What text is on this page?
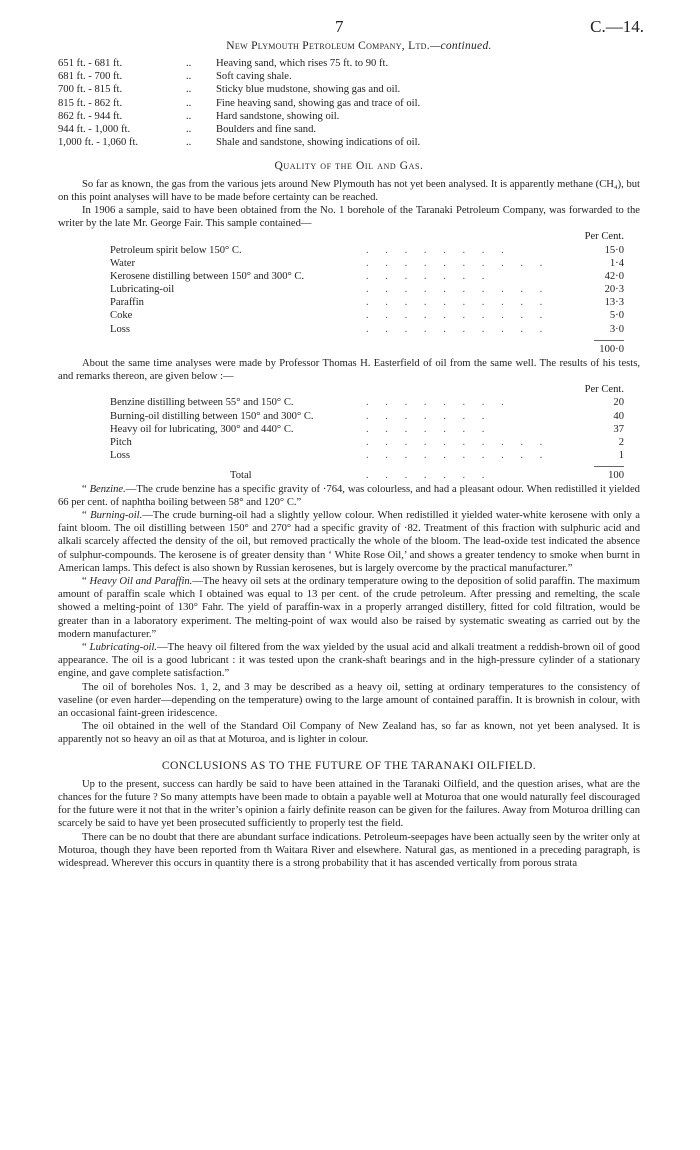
7	C.—14.
New Plymouth Petroleum Company, Ltd.—continued.
651 ft. - 681 ft.	..	Heaving sand, which rises 75 ft. to 90 ft.
681 ft. - 700 ft.	..	Soft caving shale.
700 ft. - 815 ft.	..	Sticky blue mudstone, showing gas and oil.
815 ft. - 862 ft.	..	Fine heaving sand, showing gas and trace of oil.
862 ft. - 944 ft.	..	Hard sandstone, showing oil.
944 ft. - 1,000 ft.	..	Boulders and fine sand.
1,000 ft. - 1,060 ft.	..	Shale and sandstone, showing indications of oil.
Quality of the Oil and Gas.

So far as known, the gas from the various jets around New Plymouth has not yet been analysed. It is apparently methane (CH₄), but on this point analyses will have to be made before certainty can be reached.

In 1906 a sample, said to have been obtained from the No. 1 borehole of the Taranaki Petroleum Company, was forwarded to the writer by the late Mr. George Fair. This sample contained—

Per Cent.
Petroleum spirit below 150° C.	. . . . . . . .	15·0
Water	. . . . . . . . . .	1·4
Kerosene distilling between 150° and 300° C.	. . . . . . .	42·0
Lubricating-oil	. . . . . . . . . .	20·3
Paraffin	. . . . . . . . . .	13·3
Coke	. . . . . . . . . .	5·0
Loss	. . . . . . . . . .	3·0
100·0

About the same time analyses were made by Professor Thomas H. Easterfield of oil from the same well. The results of his tests, and remarks thereon, are given below :—

Per Cent.
Benzine distilling between 55° and 150° C.	. . . . . . . .	20
Burning-oil distilling between 150° and 300° C.	. . . . . . .	40
Heavy oil for lubricating, 300° and 440° C.	. . . . . . .	37
Pitch	. . . . . . . . . .	2
Loss	. . . . . . . . . .	1
Total	. . . . . . .	100

“ Benzine.—The crude benzine has a specific gravity of ·764, was colourless, and had a pleasant odour. When redistilled it yielded 66 per cent. of naphtha boiling between 58° and 120° C.”

“ Burning-oil.—The crude burning-oil had a slightly yellow colour. When redistilled it yielded water-white kerosene with only a faint bloom. The oil distilling between 150° and 270° had a specific gravity of ·82. Treatment of this fraction with sulphuric acid and alkali scarcely affected the density of the oil, but removed practically the whole of the bloom. The lead-oxide test indicated the absence of sulphur-compounds. The kerosene is of greater density than ‘ White Rose Oil,’ and shows a greater tendency to smoke when burnt in American lamps. This defect is also shown by Russian kerosenes, but is largely overcome by the practical manufacturer.”

“ Heavy Oil and Paraffin.—The heavy oil sets at the ordinary temperature owing to the deposition of solid paraffin. The maximum amount of paraffin scale which I obtained was equal to 13 per cent. of the crude petroleum. After pressing and remelting, the scale showed a melting-point of 130° Fahr. The yield of paraffin-wax in a properly arranged distillery, fitted for cold filtration, would be greater than in a laboratory experiment. The melting-point of wax would also be raised by systematic sweating as carried out by the modern manufacturer.”

“ Lubricating-oil.—The heavy oil filtered from the wax yielded by the usual acid and alkali treatment a reddish-brown oil of good appearance. The oil is a good lubricant : it was tested upon the crank-shaft bearings and in the high-pressure cylinder of a stationary engine, and gave complete satisfaction.”

The oil of boreholes Nos. 1, 2, and 3 may be described as a heavy oil, setting at ordinary temperatures to the consistency of vaseline (or even harder—depending on the temperature) owing to the large amount of contained paraffin. It is brownish in colour, with an occasional faint-green iridescence.

The oil obtained in the well of the Standard Oil Company of New Zealand has, so far as known, not yet been analysed. It is apparently not so heavy an oil as that at Moturoa, and is lighter in colour.

CONCLUSIONS AS TO THE FUTURE OF THE TARANAKI OILFIELD.

Up to the present, success can hardly be said to have been attained in the Taranaki Oilfield, and the question arises, what are the chances for the future ? So many attempts have been made to obtain a payable well at Moturoa that one would naturally feel discouraged for the future were it not that in the writer’s opinion a fairly definite reason can be given for the failures. Away from Moturoa drilling can scarcely be said to have yet been prosecuted sufficiently to properly test the field.

There can be no doubt that there are abundant surface indications. Petroleum-seepages have been actually seen by the writer only at Moturoa, though they have been reported from th Waitara River and elsewhere. Natural gas, as mentioned in a preceding paragraph, is widespread. Wherever this occurs in quantity there is a strong probability that it has ascended vertically from porous strata
